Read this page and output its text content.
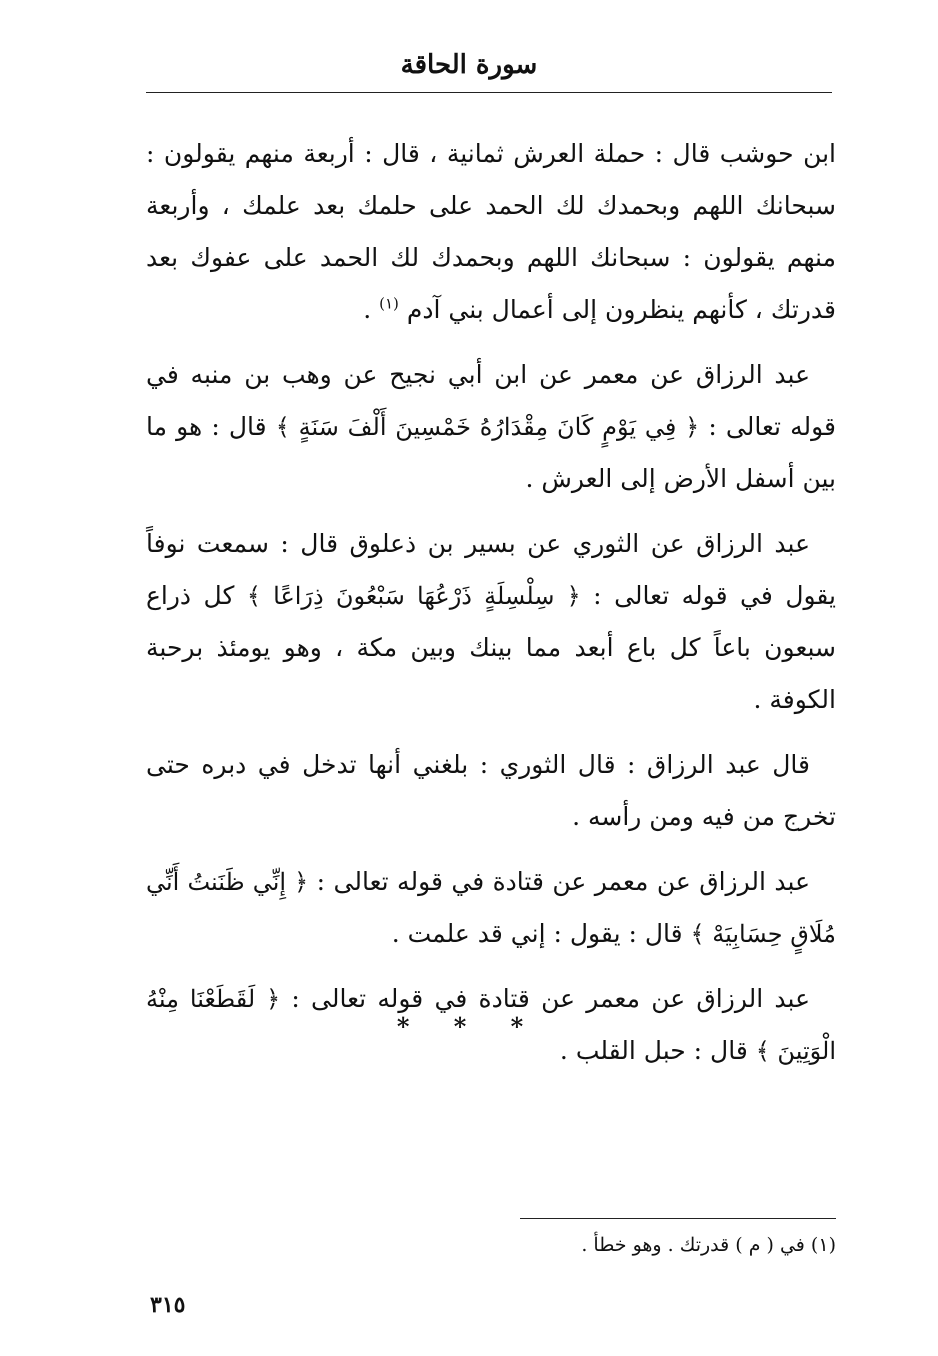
سورة الحاقة

ابن حوشب قال : حملة العرش ثمانية ، قال : أربعة منهم يقولون : سبحانك اللهم وبحمدك لك الحمد على حلمك بعد علمك ، وأربعة منهم يقولون : سبحانك اللهم وبحمدك لك الحمد على عفوك بعد قدرتك ، كأنهم ينظرون إلى أعمال بني آدم $^{(١)}$ .

عبد الرزاق عن معمر عن ابن أبي نجيح عن وهب بن منبه في قوله تعالى : ﴿ فِي يَوْمٍ كَانَ مِقْدَارُهُ خَمْسِينَ أَلْفَ سَنَةٍ ﴾ قال : هو ما بين أسفل الأرض إلى العرش .

عبد الرزاق عن الثوري عن بسير بن ذعلوق قال : سمعت نوفاً يقول في قوله تعالى : ﴿ سِلْسِلَةٍ ذَرْعُهَا سَبْعُونَ ذِرَاعًا ﴾ كل ذراع سبعون باعاً كل باع أبعد مما بينك وبين مكة ، وهو يومئذ برحبة الكوفة .

قال عبد الرزاق : قال الثوري : بلغني أنها تدخل في دبره حتى تخرج من فيه ومن رأسه .

عبد الرزاق عن معمر عن قتادة في قوله تعالى : ﴿ إِنِّي ظَنَنتُ أَنِّي مُلَاقٍ حِسَابِيَهْ ﴾ قال : يقول : إني قد علمت .

عبد الرزاق عن معمر عن قتادة في قوله تعالى : ﴿ لَقَطَعْنَا مِنْهُ الْوَتِينَ ﴾ قال : حبل القلب .

* * *
(١) في ( م ) قدرتك . وهو خطأ .
٣١٥
